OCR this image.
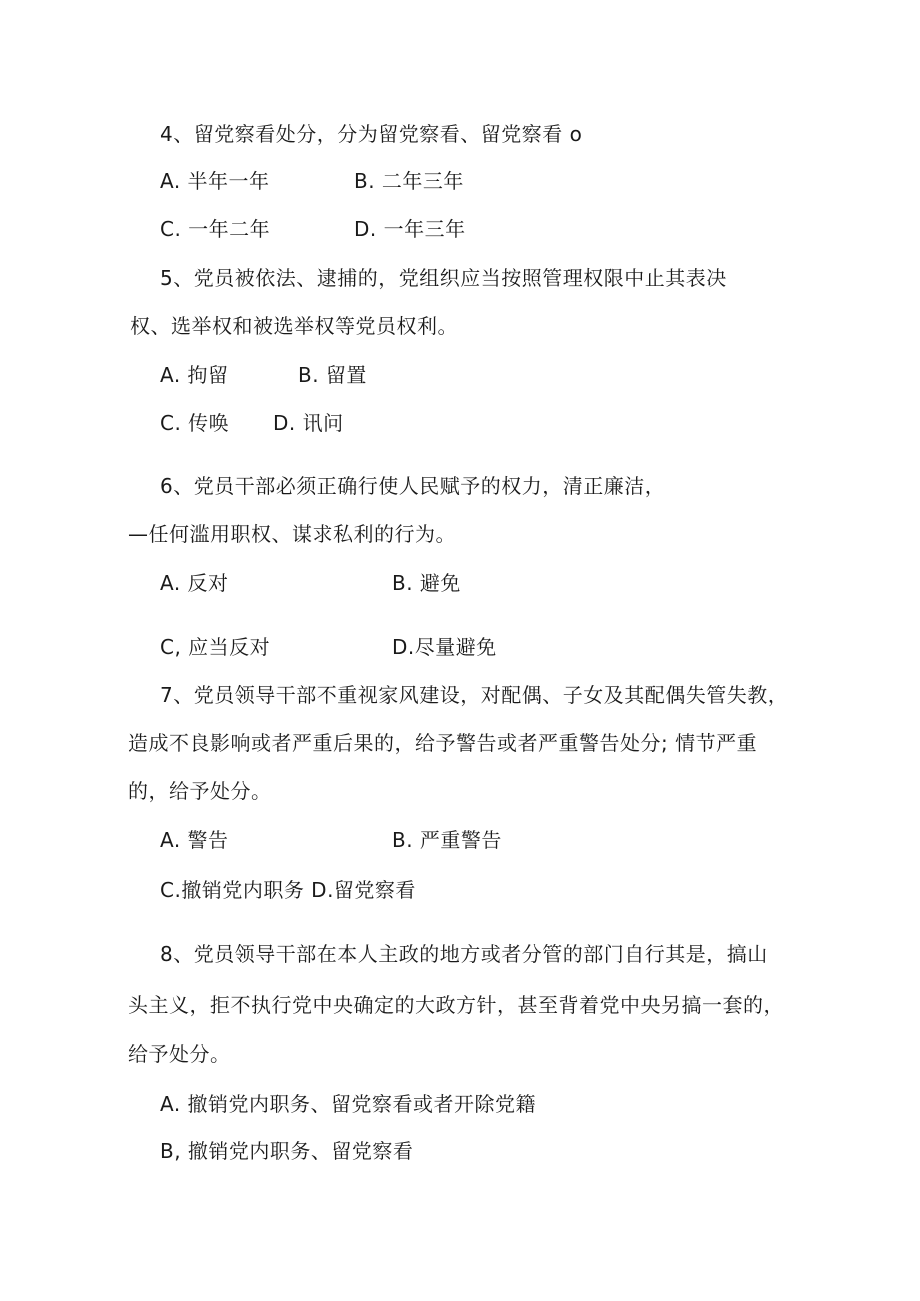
4、留党察看处分，分为留党察看、留党察看 o
A. 半年一年	B. 二年三年
C. 一年二年	D. 一年三年
5、党员被依法、逮捕的，党组织应当按照管理权限中止其表决
权、选举权和被选举权等党员权利。
A. 拘留	B. 留置
C. 传唤 D. 讯问
6、党员干部必须正确行使人民赋予的权力，清正廉洁，
—任何滥用职权、谋求私利的行为。
A. 反对	B. 避免
C, 应当反对	D.尽量避免
7、党员领导干部不重视家风建设，对配偶、子女及其配偶失管失教，
造成不良影响或者严重后果的，给予警告或者严重警告处分; 情节严重
的，给予处分。
A. 警告	B. 严重警告
C.撤销党内职务 D.留党察看
8、党员领导干部在本人主政的地方或者分管的部门自行其是，搞山
头主义，拒不执行党中央确定的大政方针，甚至背着党中央另搞一套的，
给予处分。
A. 撤销党内职务、留党察看或者开除党籍
B, 撤销党内职务、留党察看
